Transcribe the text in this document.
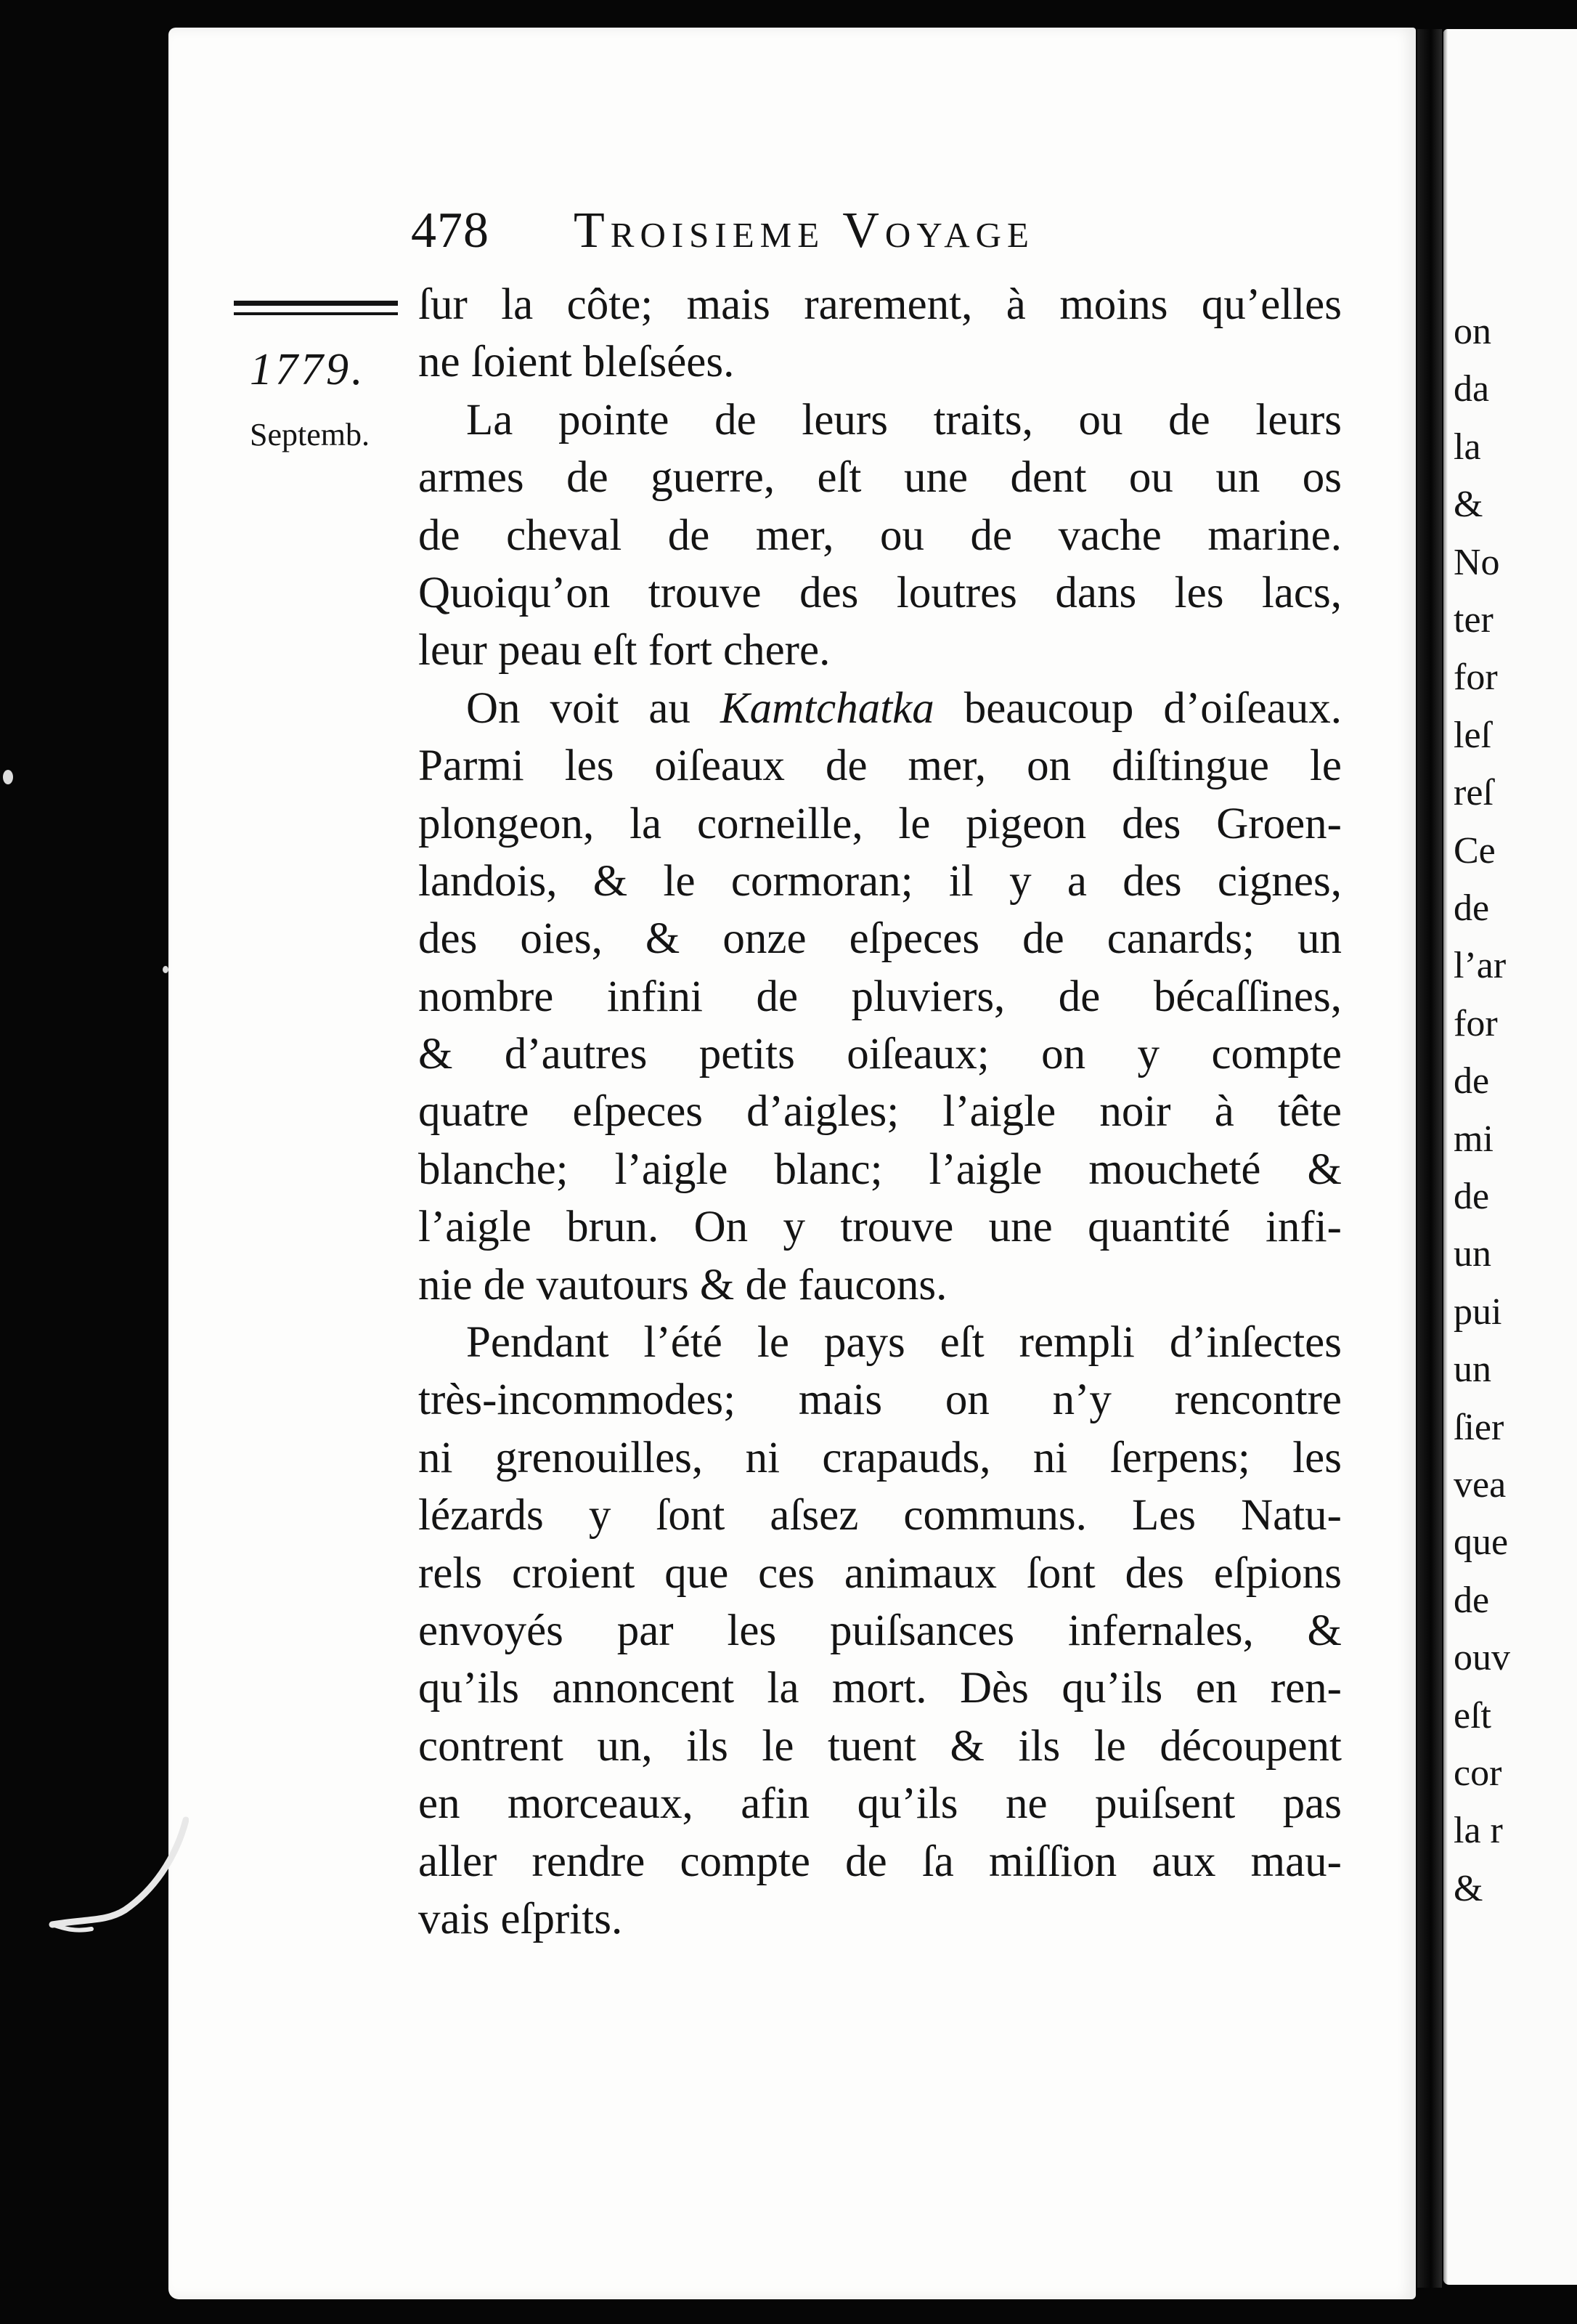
on
da
la
&
No
ter
for
leſ
reſ
Ce
de
l’ar
for
de
mi
de
un
pui
un
ſier
vea
que
de
ouv
eſt
cor
la r
&
478 Troisieme Voyage
1779.
Septemb.
ſur la côte; mais rarement, à moins qu’elles
ne ſoient bleſsées.
La pointe de leurs traits, ou de leurs
armes de guerre, eſt une dent ou un os
de cheval de mer, ou de vache marine.
Quoiqu’on trouve des loutres dans les lacs,
leur peau eſt fort chere.
On voit au Kamtchatka beaucoup d’oiſeaux.
Parmi les oiſeaux de mer, on diſtingue le
plongeon, la corneille, le pigeon des Groen-
landois, & le cormoran; il y a des cignes,
des oies, & onze eſpeces de canards; un
nombre infini de pluviers, de bécaſſines,
& d’autres petits oiſeaux; on y compte
quatre eſpeces d’aigles; l’aigle noir à tête
blanche; l’aigle blanc; l’aigle moucheté &
l’aigle brun. On y trouve une quantité infi-
nie de vautours & de faucons.
Pendant l’été le pays eſt rempli d’inſectes
très-incommodes; mais on n’y rencontre
ni grenouilles, ni crapauds, ni ſerpens; les
lézards y ſont aſsez communs. Les Natu-
rels croient que ces animaux ſont des eſpions
envoyés par les puiſsances infernales, &
qu’ils annoncent la mort. Dès qu’ils en ren-
contrent un, ils le tuent & ils le découpent
en morceaux, afin qu’ils ne puiſsent pas
aller rendre compte de ſa miſſion aux mau-
vais eſprits.
